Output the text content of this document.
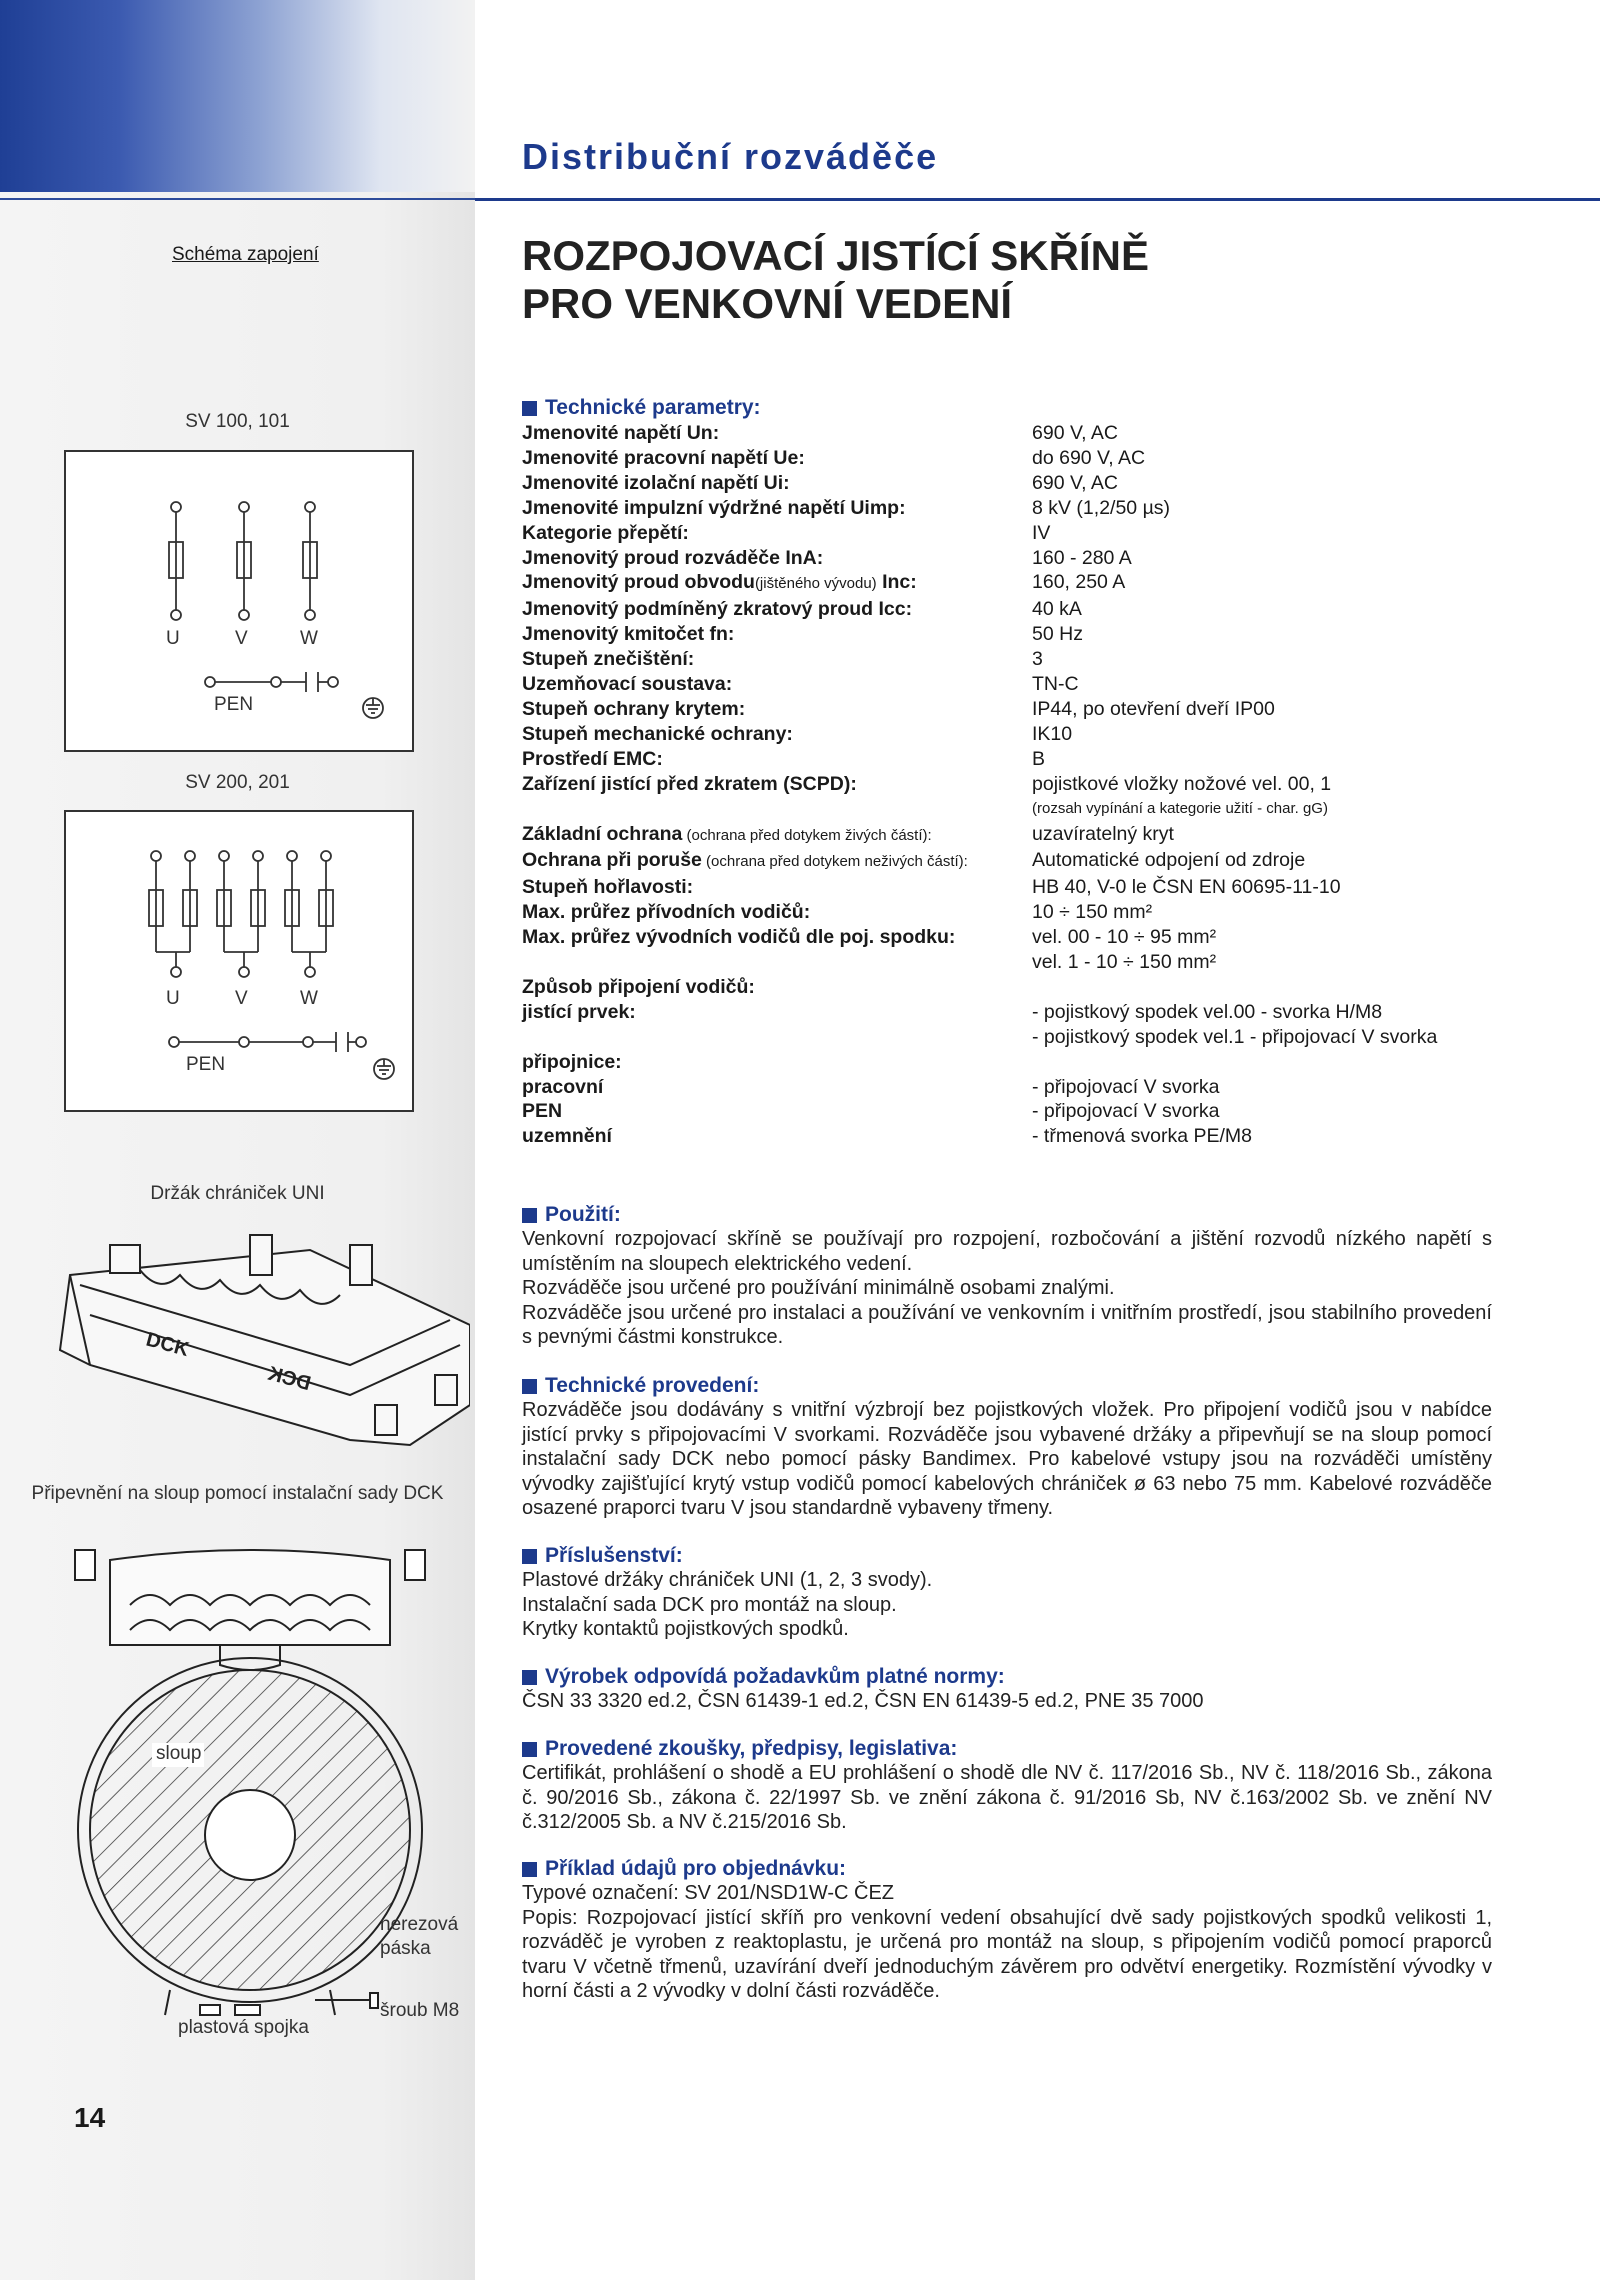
Distribuční rozváděče
Schéma zapojení	ROZPOJOVACÍ JISTÍCÍ SKŘÍNĚ
PRO VENKOVNÍ VEDENÍ
SV 100, 101
U	V	W
PEN
SV 200, 201
U	V	W
PEN
Držák chrániček UNI
DCK
DCK
Připevnění na sloup pomocí instalační sady DCK
sloup
nerezová páska
šroub M8
plastová spojka
Technické parametry:
Jmenovité napětí Un:	690 V, AC
Jmenovité pracovní napětí Ue:	do 690 V, AC
Jmenovité izolační napětí Ui:	690 V, AC
Jmenovité impulzní výdržné napětí Uimp:	8 kV (1,2/50 µs)
Kategorie přepětí:	IV
Jmenovitý proud rozváděče InA:	160 - 280 A
Jmenovitý proud obvodu(jištěného vývodu) Inc:	160, 250 A
Jmenovitý podmíněný zkratový proud Icc:	40 kA
Jmenovitý kmitočet fn:	50 Hz
Stupeň znečištění:	3
Uzemňovací soustava:	TN-C
Stupeň ochrany krytem:	IP44, po otevření dveří IP00
Stupeň mechanické ochrany:	IK10
Prostředí EMC:	B
Zařízení jistící před zkratem (SCPD):	pojistkové vložky nožové vel. 00, 1
(rozsah vypínání a kategorie užití - char. gG)
Základní ochrana (ochrana před dotykem živých částí):	uzavíratelný kryt
Ochrana při poruše (ochrana před dotykem neživých částí):	Automatické odpojení od zdroje
Stupeň hořlavosti:	HB 40, V-0 le ČSN EN 60695-11-10
Max. průřez přívodních vodičů:	10 ÷ 150 mm²
Max. průřez vývodních vodičů dle poj. spodku:	vel. 00 - 10 ÷ 95 mm²
vel. 1 - 10 ÷ 150 mm²
Způsob připojení vodičů:
jistící prvek:	- pojistkový spodek vel.00 - svorka H/M8
- pojistkový spodek vel.1 - připojovací V svorka
připojnice:
pracovní	- připojovací V svorka
PEN	- připojovací V svorka
uzemnění	- třmenová svorka PE/M8
Použití:

Venkovní rozpojovací skříně se používají pro rozpojení, rozbočování a jištění rozvodů nízkého napětí s umístěním na sloupech elektrického vedení.

Rozváděče jsou určené pro používání minimálně osobami znalými.

Rozváděče jsou určené pro instalaci a používání ve venkovním i vnitřním prostředí, jsou stabilního provedení s pevnými částmi konstrukce.

Technické provedení:

Rozváděče jsou dodávány s vnitřní výzbrojí bez pojistkových vložek. Pro připojení vodičů jsou v nabídce jistící prvky s připojovacími V svorkami. Rozváděče jsou vybavené držáky a připevňují se na sloup pomocí instalační sady DCK nebo pomocí pásky Bandimex. Pro kabelové vstupy jsou na rozváděči umístěny vývodky zajišťující krytý vstup vodičů pomocí kabelových chrániček ø 63 nebo 75 mm. Kabelové rozváděče osazené praporci tvaru V jsou standardně vybaveny třmeny.

Příslušenství:

Plastové držáky chrániček UNI (1, 2, 3 svody).

Instalační sada DCK pro montáž na sloup.

Krytky kontaktů pojistkových spodků.

Výrobek odpovídá požadavkům platné normy:

ČSN 33 3320 ed.2, ČSN 61439-1 ed.2, ČSN EN 61439-5 ed.2, PNE 35 7000

Provedené zkoušky, předpisy, legislativa:

Certifikát, prohlášení o shodě a EU prohlášení o shodě dle NV č. 117/2016 Sb., NV č. 118/2016 Sb., zákona č. 90/2016 Sb., zákona č. 22/1997 Sb. ve znění zákona č. 91/2016 Sb, NV č.163/2002 Sb. ve znění NV č.312/2005 Sb. a NV č.215/2016 Sb.

Příklad údajů pro objednávku:

Typové označení: SV 201/NSD1W-C ČEZ

Popis: Rozpojovací jistící skříň pro venkovní vedení obsahující dvě sady pojistkových spodků velikosti 1, rozváděč je vyroben z reaktoplastu, je určená pro montáž na sloup, s připojením vodičů pomocí praporců tvaru V včetně třmenů, uzavírání dveří jednoduchým závěrem pro odvětví energetiky. Rozmístění vývodky v horní části a 2 vývodky v dolní části rozváděče.

14
